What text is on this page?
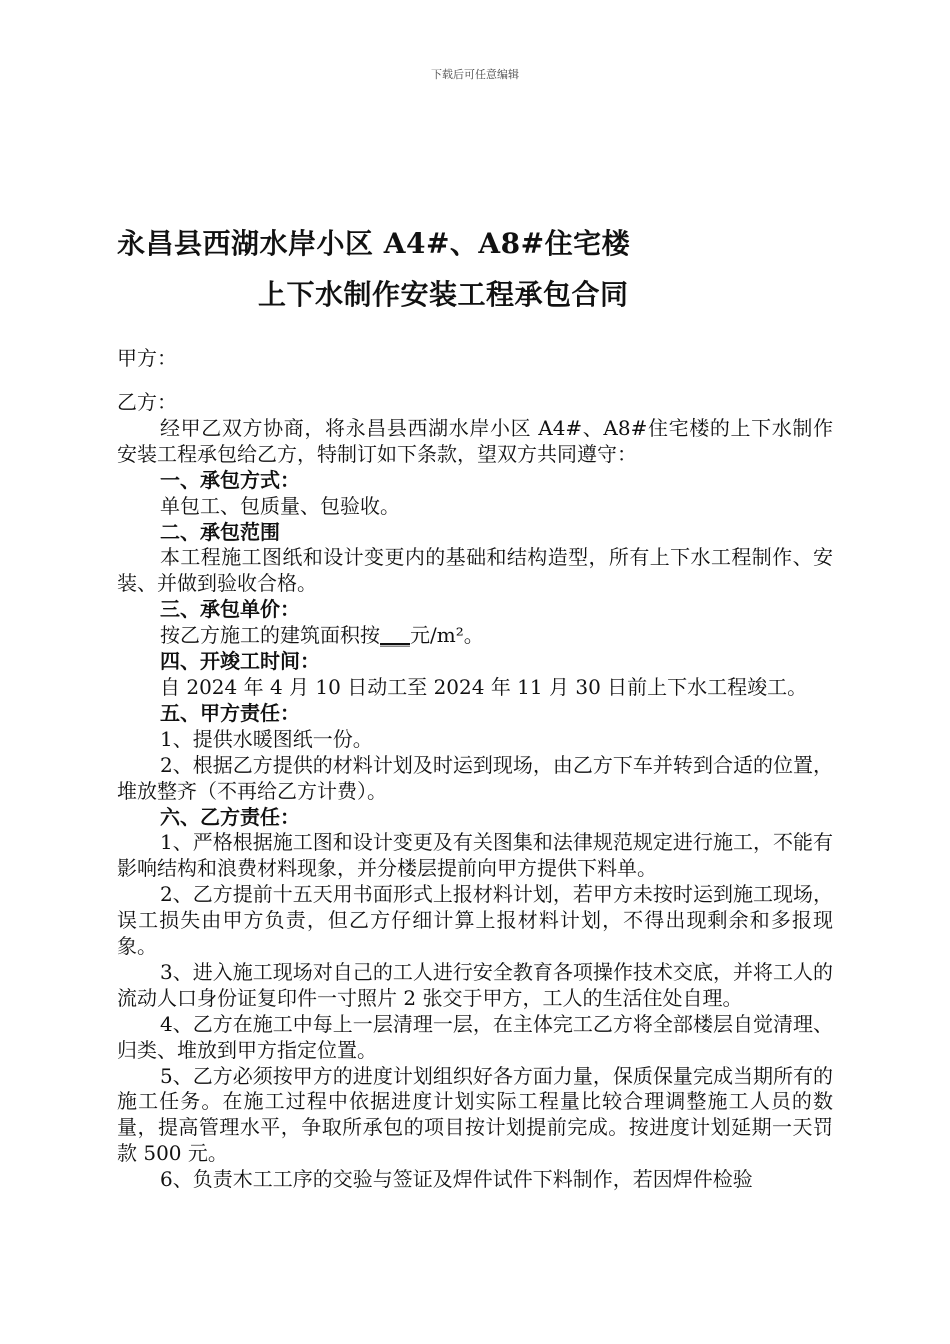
下载后可任意编辑
永昌县西湖水岸小区 A4#、A8#住宅楼
上下水制作安装工程承包合同
甲方：

乙方：

经甲乙双方协商，将永昌县西湖水岸小区 A4#、A8#住宅楼的上下水制作安装工程承包给乙方，特制订如下条款，望双方共同遵守：

一、承包方式：

单包工、包质量、包验收。

二、承包范围

本工程施工图纸和设计变更内的基础和结构造型，所有上下水工程制作、安装、并做到验收合格。

三、承包单价：

按乙方施工的建筑面积按___元/m²。

四、开竣工时间：

自 2024 年 4 月 10 日动工至 2024 年 11 月 30 日前上下水工程竣工。

五、甲方责任：

1、提供水暖图纸一份。

2、根据乙方提供的材料计划及时运到现场，由乙方下车并转到合适的位置，堆放整齐（不再给乙方计费）。

六、乙方责任：

1、严格根据施工图和设计变更及有关图集和法律规范规定进行施工，不能有影响结构和浪费材料现象，并分楼层提前向甲方提供下料单。

2、乙方提前十五天用书面形式上报材料计划，若甲方未按时运到施工现场，误工损失由甲方负责，但乙方仔细计算上报材料计划，不得出现剩余和多报现象。

3、进入施工现场对自己的工人进行安全教育各项操作技术交底，并将工人的流动人口身份证复印件一寸照片 2 张交于甲方，工人的生活住处自理。

4、乙方在施工中每上一层清理一层，在主体完工乙方将全部楼层自觉清理、归类、堆放到甲方指定位置。

5、乙方必须按甲方的进度计划组织好各方面力量，保质保量完成当期所有的施工任务。在施工过程中依据进度计划实际工程量比较合理调整施工人员的数量，提高管理水平，争取所承包的项目按计划提前完成。按进度计划延期一天罚款 500 元。

6、负责木工工序的交验与签证及焊件试件下料制作，若因焊件检验
